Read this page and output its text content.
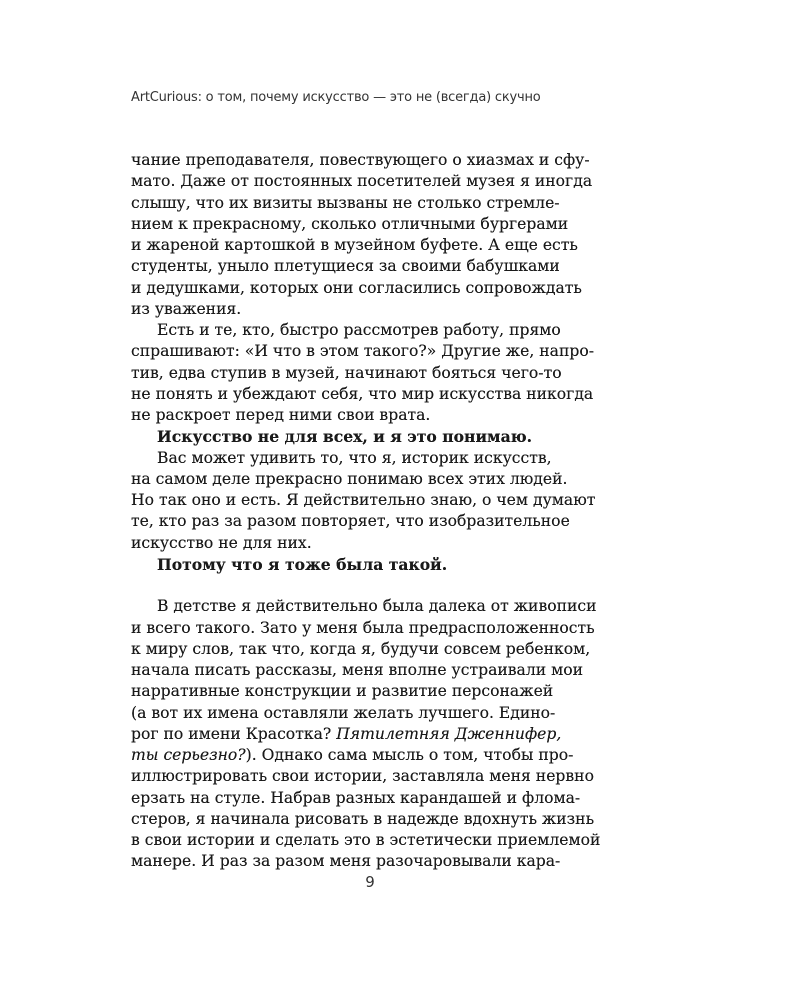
ArtCurious: о том, почему искусство — это не (всегда) скучно
чание преподавателя, повествующего о хиазмах и сфу-
мато. Даже от постоянных посетителей музея я иногда
слышу, что их визиты вызваны не столько стремле-
нием к прекрасному, сколько отличными бургерами
и жареной картошкой в музейном буфете. А еще есть
студенты, уныло плетущиеся за своими бабушками
и дедушками, которых они согласились сопровождать
из уважения.
Есть и те, кто, быстро рассмотрев работу, прямо
спрашивают: «И что в этом такого?» Другие же, напро-
тив, едва ступив в музей, начинают бояться чего-то
не понять и убеждают себя, что мир искусства никогда
не раскроет перед ними свои врата.
Искусство не для всех, и я это понимаю.
Вас может удивить то, что я, историк искусств,
на самом деле прекрасно понимаю всех этих людей.
Но так оно и есть. Я действительно знаю, о чем думают
те, кто раз за разом повторяет, что изобразительное
искусство не для них.
Потому что я тоже была такой.
В детстве я действительно была далека от живописи
и всего такого. Зато у меня была предрасположенность
к миру слов, так что, когда я, будучи совсем ребенком,
начала писать рассказы, меня вполне устраивали мои
нарративные конструкции и развитие персонажей
(а вот их имена оставляли желать лучшего. Едино-
рог по имени Красотка? Пятилетняя Дженнифер,
ты серьезно?). Однако сама мысль о том, чтобы про-
иллюстрировать свои истории, заставляла меня нервно
ерзать на стуле. Набрав разных карандашей и флома-
стеров, я начинала рисовать в надежде вдохнуть жизнь
в свои истории и сделать это в эстетически приемлемой
манере. И раз за разом меня разочаровывали кара-
9
